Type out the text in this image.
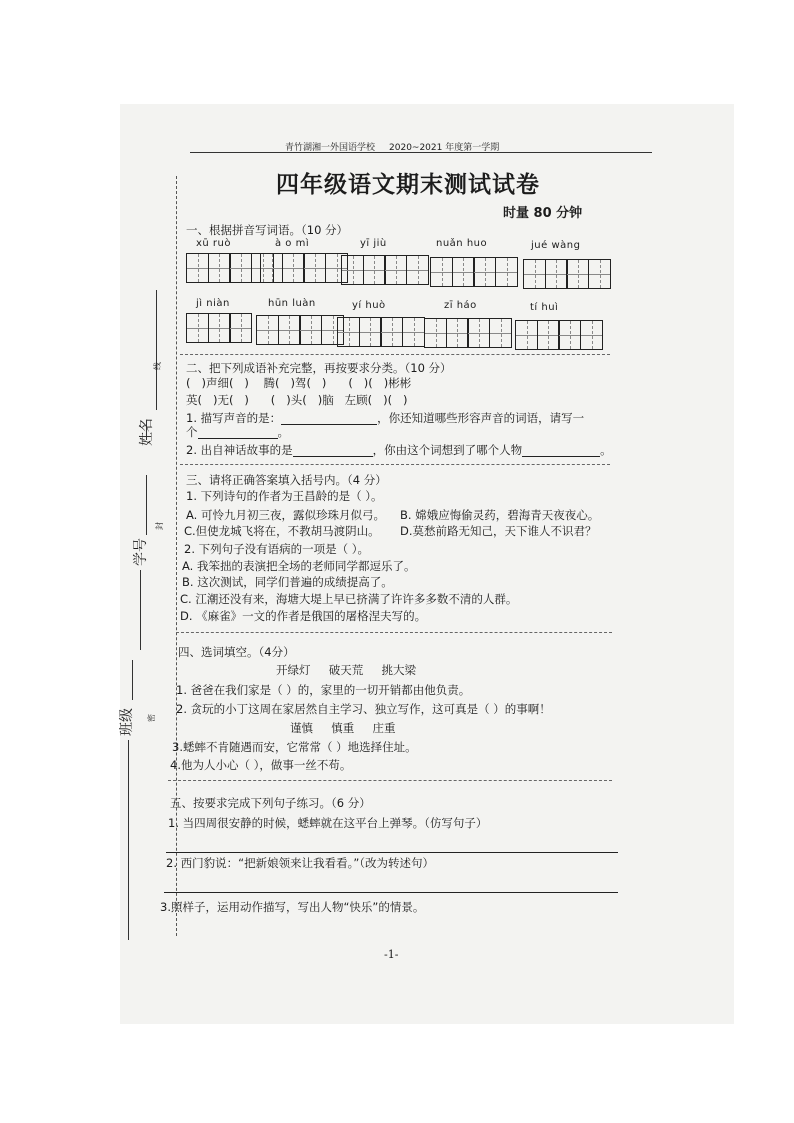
青竹湖湘一外国语学校 2020~2021 年度第一学期
四年级语文期末测试试卷
时量 80 分钟
姓名
线
封
学号
班级 密
一、根据拼音写词语。（10 分）
xū ruò	à o mì	yī jiù	nuǎn huo	jué wàng
jì niàn	hūn luàn	yí huò	zī háo	tí huì
二、把下列成语补充完整，再按要求分类。（10 分）
(   )声细(   )    腾(   )驾(   )      (   )(   )彬彬
英(   )无(   )      (   )头(   )脑   左顾(   )(   )
1. 描写声音的是：	，你还知道哪些形容声音的词语，请写一
个	。
2. 出自神话故事的是	，你由这个词想到了哪个人物	。
三、请将正确答案填入括号内。（4 分）
1. 下列诗句的作者为王昌龄的是（ ）。
A. 可怜九月初三夜，露似珍珠月似弓。 B. 嫦娥应悔偷灵药，碧海青天夜夜心。
C.但使龙城飞将在，不教胡马渡阴山。 D.莫愁前路无知己，天下谁人不识君？
2. 下列句子没有语病的一项是（ ）。
A. 我笨拙的表演把全场的老师同学都逗乐了。
B. 这次测试，同学们普遍的成绩提高了。
C. 江潮还没有来，海塘大堤上早已挤满了许许多多数不清的人群。
D. 《麻雀》一文的作者是俄国的屠格涅夫写的。
四、选词填空。（4分）
开绿灯     破天荒     挑大梁
1. 爸爸在我们家是（ ）的，家里的一切开销都由他负责。
2. 贪玩的小丁这周在家居然自主学习、独立写作，这可真是（ ）的事啊！
谨慎     慎重     庄重
3.蟋蟀不肯随遇而安，它常常（ ）地选择住址。
4.他为人小心（ ），做事一丝不苟。
五、按要求完成下列句子练习。（6 分）
1. 当四周很安静的时候，蟋蟀就在这平台上弹琴。（仿写句子）
2. 西门豹说：“把新娘领来让我看看。”（改为转述句）
3.照样子，运用动作描写，写出人物“快乐”的情景。
-1-
